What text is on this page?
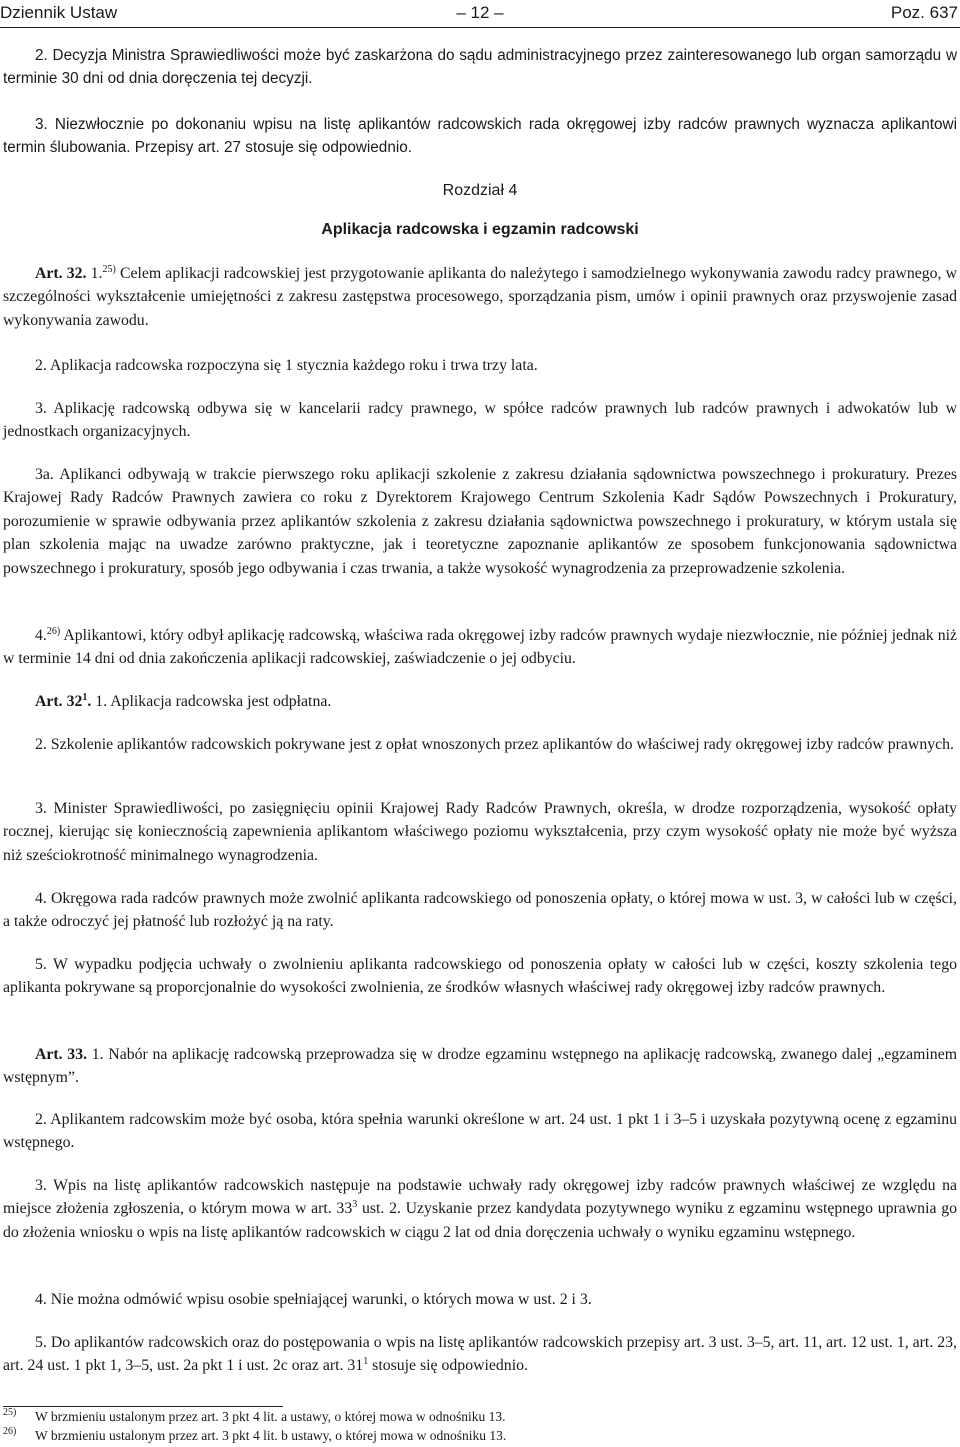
Dziennik Ustaw	– 12 –	Poz. 637
2. Decyzja Ministra Sprawiedliwości może być zaskarżona do sądu administracyjnego przez zainteresowanego lub organ samorządu w terminie 30 dni od dnia doręczenia tej decyzji.
3. Niezwłocznie po dokonaniu wpisu na listę aplikantów radcowskich rada okręgowej izby radców prawnych wyznacza aplikantowi termin ślubowania. Przepisy art. 27 stosuje się odpowiednio.
Rozdział 4
Aplikacja radcowska i egzamin radcowski
Art. 32. 1.$^{25)}$ Celem aplikacji radcowskiej jest przygotowanie aplikanta do należytego i samodzielnego wykonywania zawodu radcy prawnego, w szczególności wykształcenie umiejętności z zakresu zastępstwa procesowego, sporządzania pism, umów i opinii prawnych oraz przyswojenie zasad wykonywania zawodu.
2. Aplikacja radcowska rozpoczyna się 1 stycznia każdego roku i trwa trzy lata.
3. Aplikację radcowską odbywa się w kancelarii radcy prawnego, w spółce radców prawnych lub radców prawnych i adwokatów lub w jednostkach organizacyjnych.
3a. Aplikanci odbywają w trakcie pierwszego roku aplikacji szkolenie z zakresu działania sądownictwa powszechnego i prokuratury. Prezes Krajowej Rady Radców Prawnych zawiera co roku z Dyrektorem Krajowego Centrum Szkolenia Kadr Sądów Powszechnych i Prokuratury, porozumienie w sprawie odbywania przez aplikantów szkolenia z zakresu działania sądownictwa powszechnego i prokuratury, w którym ustala się plan szkolenia mając na uwadze zarówno praktyczne, jak i teoretyczne zapoznanie aplikantów ze sposobem funkcjonowania sądownictwa powszechnego i prokuratury, sposób jego odbywania i czas trwania, a także wysokość wynagrodzenia za przeprowadzenie szkolenia.
4.$^{26)}$ Aplikantowi, który odbył aplikację radcowską, właściwa rada okręgowej izby radców prawnych wydaje niezwłocznie, nie później jednak niż w terminie 14 dni od dnia zakończenia aplikacji radcowskiej, zaświadczenie o jej odbyciu.
Art. $32^1$. 1. Aplikacja radcowska jest odpłatna.
2. Szkolenie aplikantów radcowskich pokrywane jest z opłat wnoszonych przez aplikantów do właściwej rady okręgowej izby radców prawnych.
3. Minister Sprawiedliwości, po zasięgnięciu opinii Krajowej Rady Radców Prawnych, określa, w drodze rozporządzenia, wysokość opłaty rocznej, kierując się koniecznością zapewnienia aplikantom właściwego poziomu wykształcenia, przy czym wysokość opłaty nie może być wyższa niż sześciokrotność minimalnego wynagrodzenia.
4. Okręgowa rada radców prawnych może zwolnić aplikanta radcowskiego od ponoszenia opłaty, o której mowa w ust. 3, w całości lub w części, a także odroczyć jej płatność lub rozłożyć ją na raty.
5. W wypadku podjęcia uchwały o zwolnieniu aplikanta radcowskiego od ponoszenia opłaty w całości lub w części, koszty szkolenia tego aplikanta pokrywane są proporcjonalnie do wysokości zwolnienia, ze środków własnych właściwej rady okręgowej izby radców prawnych.
Art. 33. 1. Nabór na aplikację radcowską przeprowadza się w drodze egzaminu wstępnego na aplikację radcowską, zwanego dalej „egzaminem wstępnym”.
2. Aplikantem radcowskim może być osoba, która spełnia warunki określone w art. 24 ust. 1 pkt 1 i 3–5 i uzyskała pozytywną ocenę z egzaminu wstępnego.
3. Wpis na listę aplikantów radcowskich następuje na podstawie uchwały rady okręgowej izby radców prawnych właściwej ze względu na miejsce złożenia zgłoszenia, o którym mowa w art. $33^3$ ust. 2. Uzyskanie przez kandydata pozytywnego wyniku z egzaminu wstępnego uprawnia go do złożenia wniosku o wpis na listę aplikantów radcowskich w ciągu 2 lat od dnia doręczenia uchwały o wyniku egzaminu wstępnego.
4. Nie można odmówić wpisu osobie spełniającej warunki, o których mowa w ust. 2 i 3.
5. Do aplikantów radcowskich oraz do postępowania o wpis na listę aplikantów radcowskich przepisy art. 3 ust. 3–5, art. 11, art. 12 ust. 1, art. 23, art. 24 ust. 1 pkt 1, 3–5, ust. 2a pkt 1 i ust. 2c oraz art. $31^1$ stosuje się odpowiednio.
25) W brzmieniu ustalonym przez art. 3 pkt 4 lit. a ustawy, o której mowa w odnośniku 13.
26) W brzmieniu ustalonym przez art. 3 pkt 4 lit. b ustawy, o której mowa w odnośniku 13.
